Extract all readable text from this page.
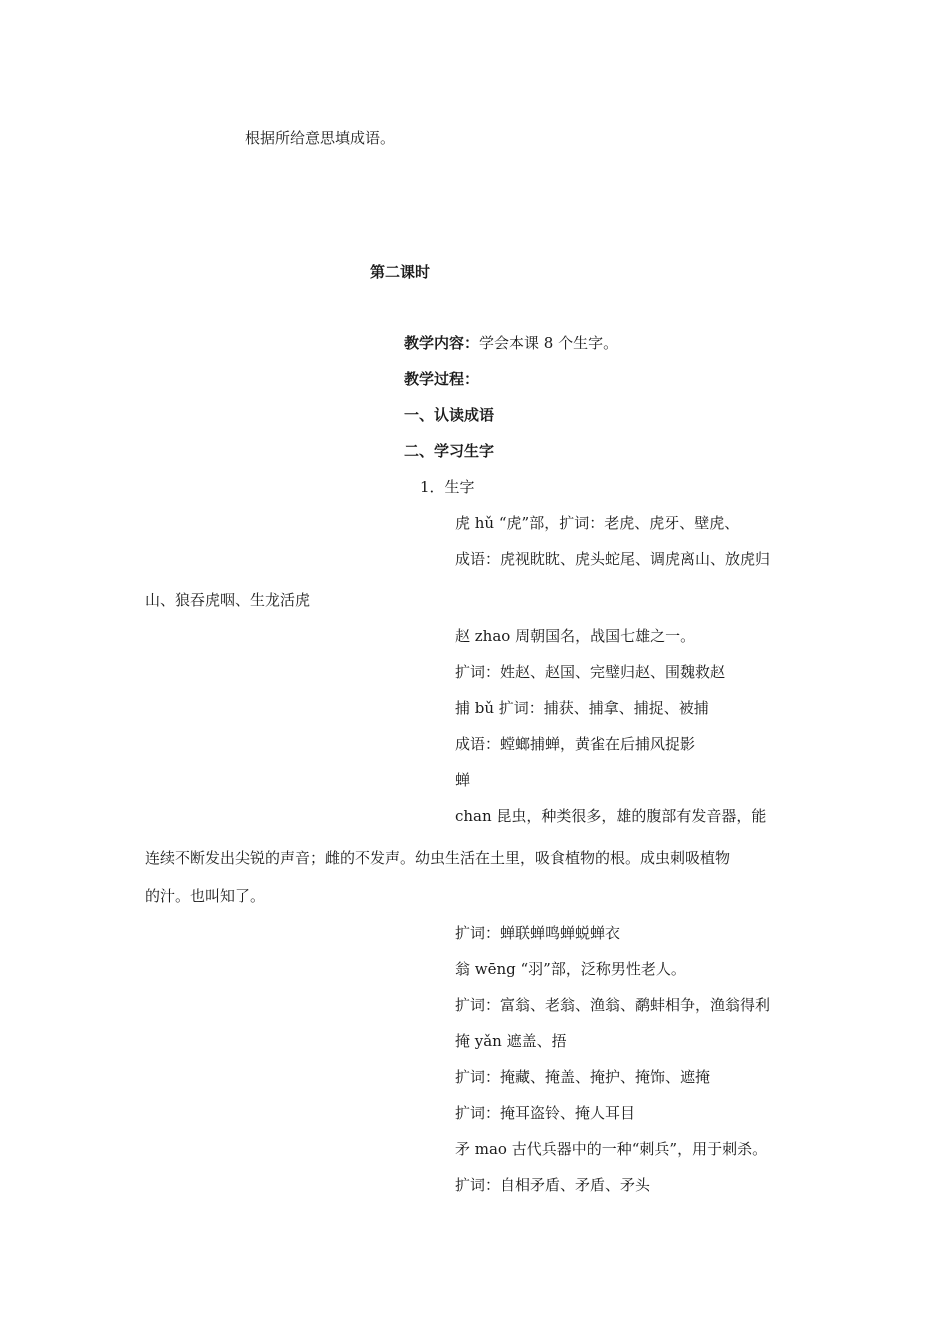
根据所给意思填成语。
第二课时
教学内容：学会本课 8 个生字。
教学过程：
一、认读成语
二、学习生字
1．生字
虎 hǔ “虎”部，扩词：老虎、虎牙、壁虎、
成语：虎视眈眈、虎头蛇尾、调虎离山、放虎归
山、狼吞虎咽、生龙活虎
赵 zhao 周朝国名，战国七雄之一。
扩词：姓赵、赵国、完璧归赵、围魏救赵
捕 bǔ 扩词：捕获、捕拿、捕捉、被捕
成语：螳螂捕蝉，黄雀在后捕风捉影
蝉
chan 昆虫，种类很多，雄的腹部有发音器，能
连续不断发出尖锐的声音；雌的不发声。幼虫生活在土里，吸食植物的根。成虫刺吸植物
的汁。也叫知了。
扩词：蝉联蝉鸣蝉蜕蝉衣
翁 wēng “羽”部，泛称男性老人。
扩词：富翁、老翁、渔翁、鹬蚌相争，渔翁得利
掩 yǎn 遮盖、捂
扩词：掩藏、掩盖、掩护、掩饰、遮掩
扩词：掩耳盗铃、掩人耳目
矛 mao 古代兵器中的一种“刺兵”，用于刺杀。
扩词：自相矛盾、矛盾、矛头
